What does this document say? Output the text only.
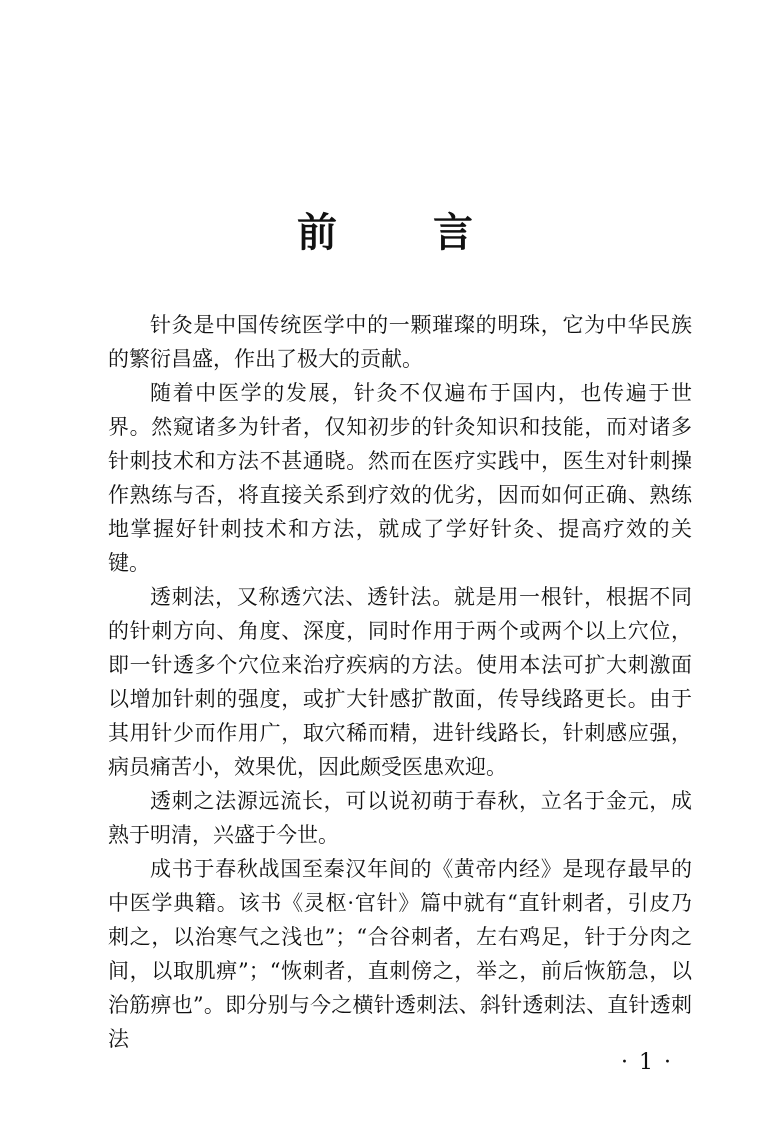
前言

针灸是中国传统医学中的一颗璀璨的明珠，它为中华民族的繁衍昌盛，作出了极大的贡献。

随着中医学的发展，针灸不仅遍布于国内，也传遍于世界。然窥诸多为针者，仅知初步的针灸知识和技能，而对诸多针刺技术和方法不甚通晓。然而在医疗实践中，医生对针刺操作熟练与否，将直接关系到疗效的优劣，因而如何正确、熟练地掌握好针刺技术和方法，就成了学好针灸、提高疗效的关键。

透刺法，又称透穴法、透针法。就是用一根针，根据不同的针刺方向、角度、深度，同时作用于两个或两个以上穴位，即一针透多个穴位来治疗疾病的方法。使用本法可扩大刺激面以增加针刺的强度，或扩大针感扩散面，传导线路更长。由于其用针少而作用广，取穴稀而精，进针线路长，针刺感应强，病员痛苦小，效果优，因此颇受医患欢迎。

透刺之法源远流长，可以说初萌于春秋，立名于金元，成熟于明清，兴盛于今世。

成书于春秋战国至秦汉年间的《黄帝内经》是现存最早的中医学典籍。该书《灵枢·官针》篇中就有“直针刺者，引皮乃刺之，以治寒气之浅也”；“合谷刺者，左右鸡足，针于分肉之间，以取肌痹”；“恢刺者，直刺傍之，举之，前后恢筋急，以治筋痹也”。即分别与今之横针透刺法、斜针透刺法、直针透刺法

· 1 ·
